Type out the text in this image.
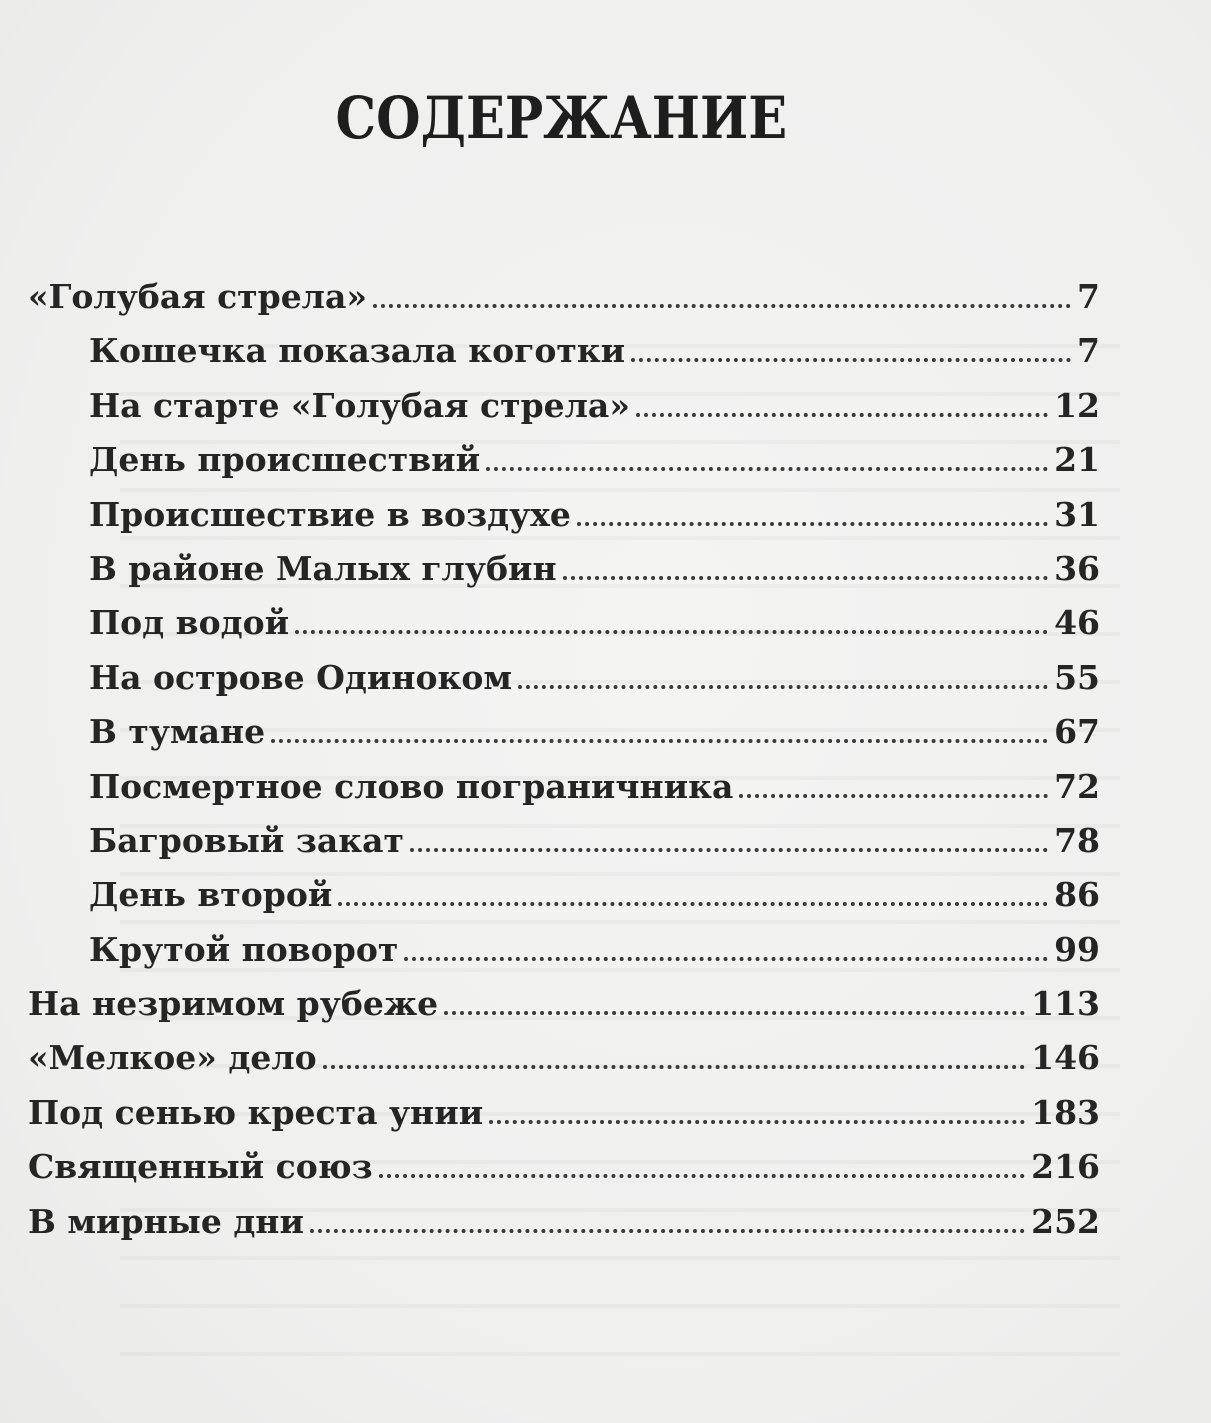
СОДЕРЖАНИЕ
«Голубая стрела»	7
Кошечка показала коготки	7
На старте «Голубая стрела»	12
День происшествий	21
Происшествие в воздухе	31
В районе Малых глубин	36
Под водой	46
На острове Одиноком	55
В тумане	67
Посмертное слово пограничника	72
Багровый закат	78
День второй	86
Крутой поворот	99
На незримом рубеже	113
«Мелкое» дело	146
Под сенью креста унии	183
Священный союз	216
В мирные дни	252
